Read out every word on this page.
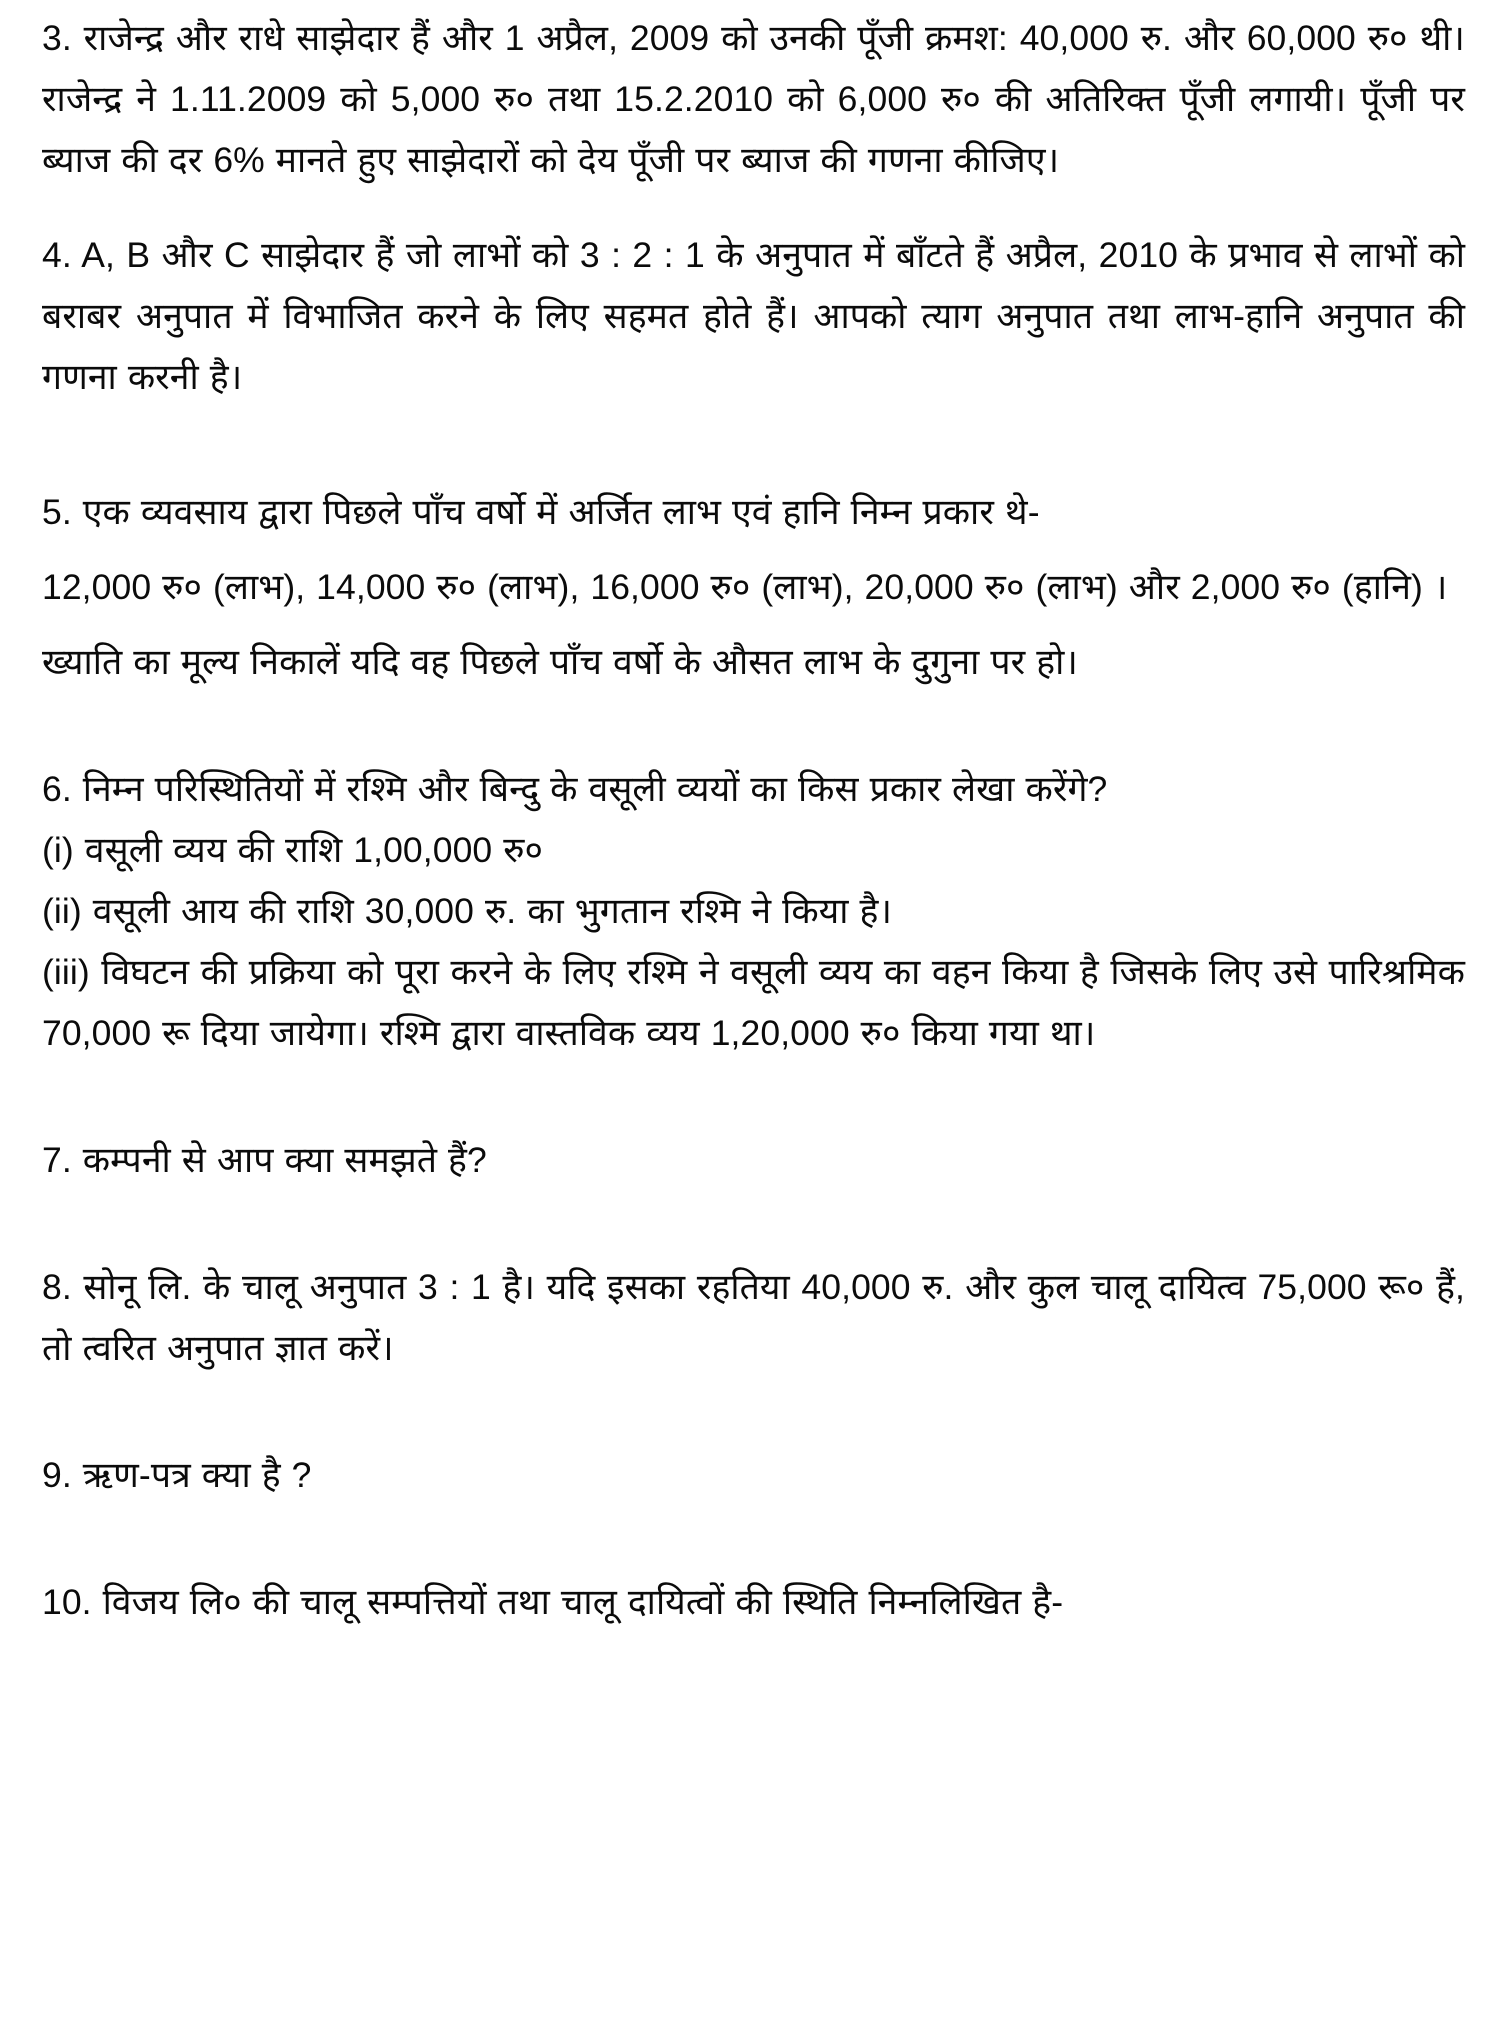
3. राजेन्द्र और राधे साझेदार हैं और 1 अप्रैल, 2009 को उनकी पूँजी क्रमश: 40,000 रु. और 60,000 रु० थी। राजेन्द्र ने 1.11.2009 को 5,000 रु० तथा 15.2.2010 को 6,000 रु० की अतिरिक्त पूँजी लगायी। पूँजी पर ब्याज की दर 6% मानते हुए साझेदारों को देय पूँजी पर ब्याज की गणना कीजिए।

4. A, B और C साझेदार हैं जो लाभों को 3 : 2 : 1 के अनुपात में बाँटते हैं अप्रैल, 2010 के प्रभाव से लाभों को बराबर अनुपात में विभाजित करने के लिए सहमत होते हैं। आपको त्याग अनुपात तथा लाभ-हानि अनुपात की गणना करनी है।

5. एक व्यवसाय द्वारा पिछले पाँच वर्षो में अर्जित लाभ एवं हानि निम्न प्रकार थे-

12,000 रु० (लाभ), 14,000 रु० (लाभ), 16,000 रु० (लाभ), 20,000 रु० (लाभ) और 2,000 रु० (हानि) ।

ख्याति का मूल्य निकालें यदि वह पिछले पाँच वर्षो के औसत लाभ के दुगुना पर हो।

6. निम्न परिस्थितियों में रश्मि और बिन्दु के वसूली व्ययों का किस प्रकार लेखा करेंगे?

(i) वसूली व्यय की राशि 1,00,000 रु०

(ii) वसूली आय की राशि 30,000 रु. का भुगतान रश्मि ने किया है।

(iii) विघटन की प्रक्रिया को पूरा करने के लिए रश्मि ने वसूली व्यय का वहन किया है जिसके लिए उसे पारिश्रमिक 70,000 रू दिया जायेगा। रश्मि द्वारा वास्तविक व्यय 1,20,000 रु० किया गया था।

7. कम्पनी से आप क्या समझते हैं?

8. सोनू लि. के चालू अनुपात 3 : 1 है। यदि इसका रहतिया 40,000 रु. और कुल चालू दायित्व 75,000 रू० हैं, तो त्वरित अनुपात ज्ञात करें।

9. ऋण-पत्र क्या है ?

10. विजय लि० की चालू सम्पत्तियों तथा चालू दायित्वों की स्थिति निम्नलिखित है-
